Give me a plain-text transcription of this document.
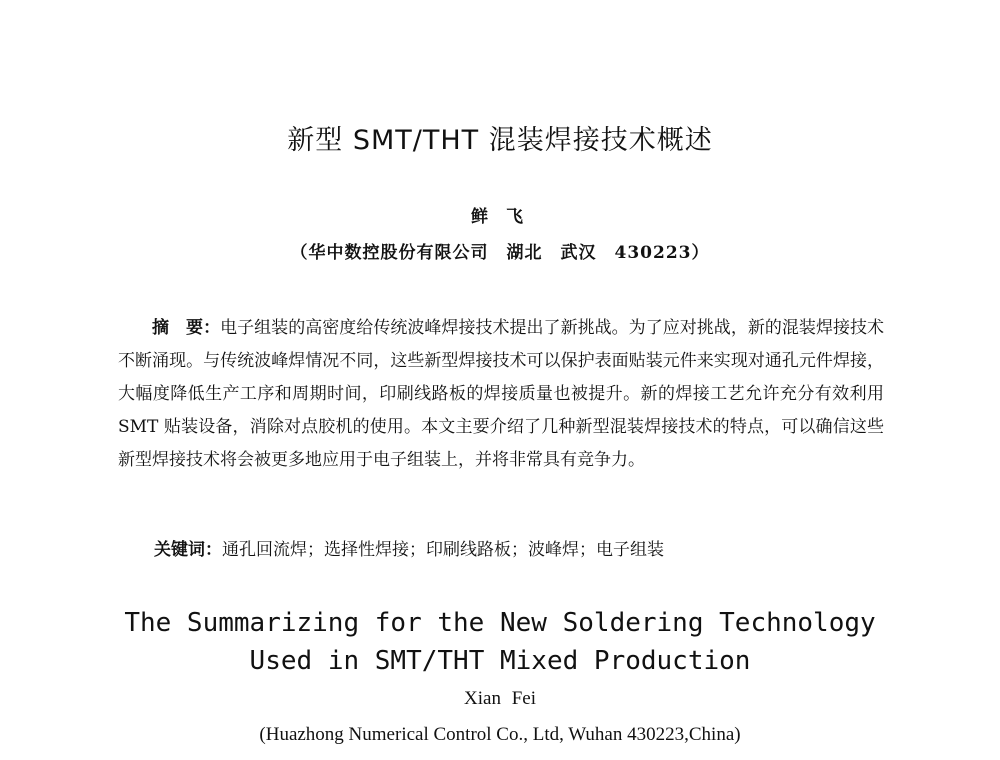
新型 SMT/THT 混装焊接技术概述
鲜 飞
（华中数控股份有限公司　湖北　武汉　430223）
摘　要：电子组装的高密度给传统波峰焊接技术提出了新挑战。为了应对挑战，新的混装焊接技术不断涌现。与传统波峰焊情况不同，这些新型焊接技术可以保护表面贴装元件来实现对通孔元件焊接，大幅度降低生产工序和周期时间，印刷线路板的焊接质量也被提升。新的焊接工艺允许充分有效利用 SMT 贴装设备，消除对点胶机的使用。本文主要介绍了几种新型混装焊接技术的特点，可以确信这些新型焊接技术将会被更多地应用于电子组装上，并将非常具有竞争力。
关键词：通孔回流焊；选择性焊接；印刷线路板；波峰焊；电子组装
The Summarizing for the New Soldering Technology
Used in SMT/THT Mixed Production
Xian Fei
(Huazhong Numerical Control Co., Ltd, Wuhan 430223,China)
